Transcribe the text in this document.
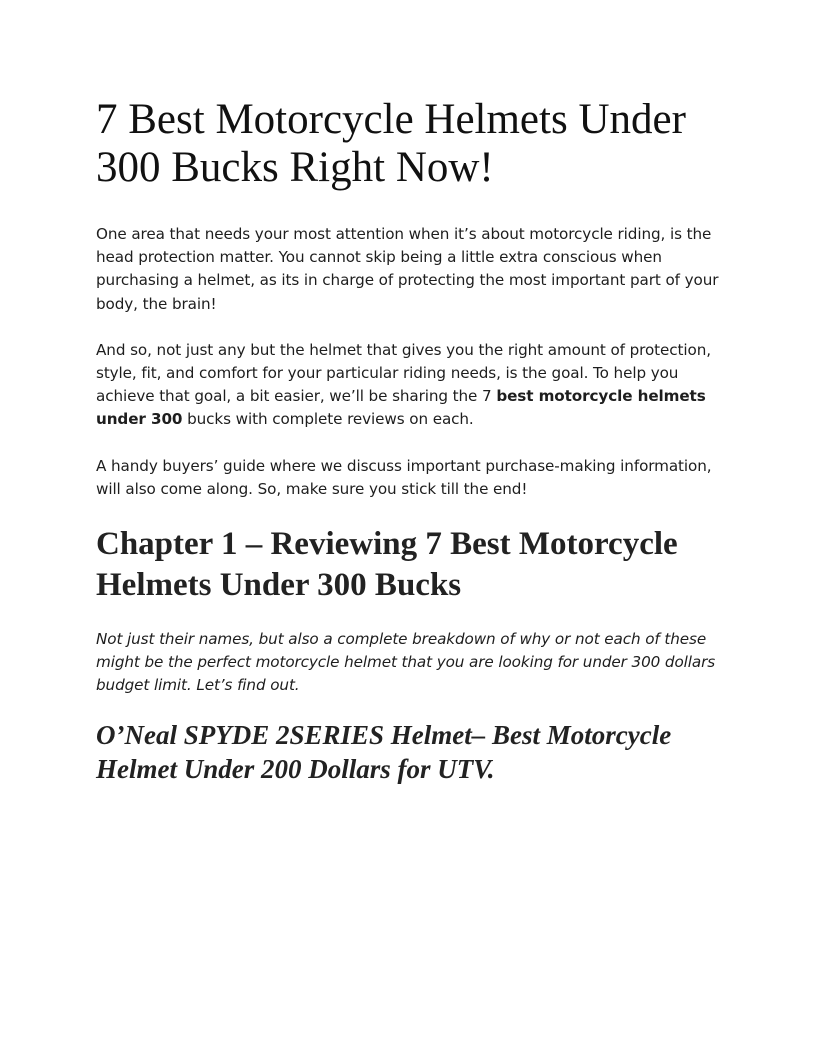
7 Best Motorcycle Helmets Under 300 Bucks Right Now!

One area that needs your most attention when it’s about motorcycle riding, is the head protection matter. You cannot skip being a little extra conscious when purchasing a helmet, as its in charge of protecting the most important part of your body, the brain!

And so, not just any but the helmet that gives you the right amount of protection, style, fit, and comfort for your particular riding needs, is the goal. To help you achieve that goal, a bit easier, we’ll be sharing the 7 best motorcycle helmets under 300 bucks with complete reviews on each.

A handy buyers’ guide where we discuss important purchase-making information, will also come along. So, make sure you stick till the end!

Chapter 1 – Reviewing 7 Best Motorcycle Helmets Under 300 Bucks

Not just their names, but also a complete breakdown of why or not each of these might be the perfect motorcycle helmet that you are looking for under 300 dollars budget limit. Let’s find out.

O’Neal SPYDE 2SERIES Helmet– Best Motorcycle Helmet Under 200 Dollars for UTV.
